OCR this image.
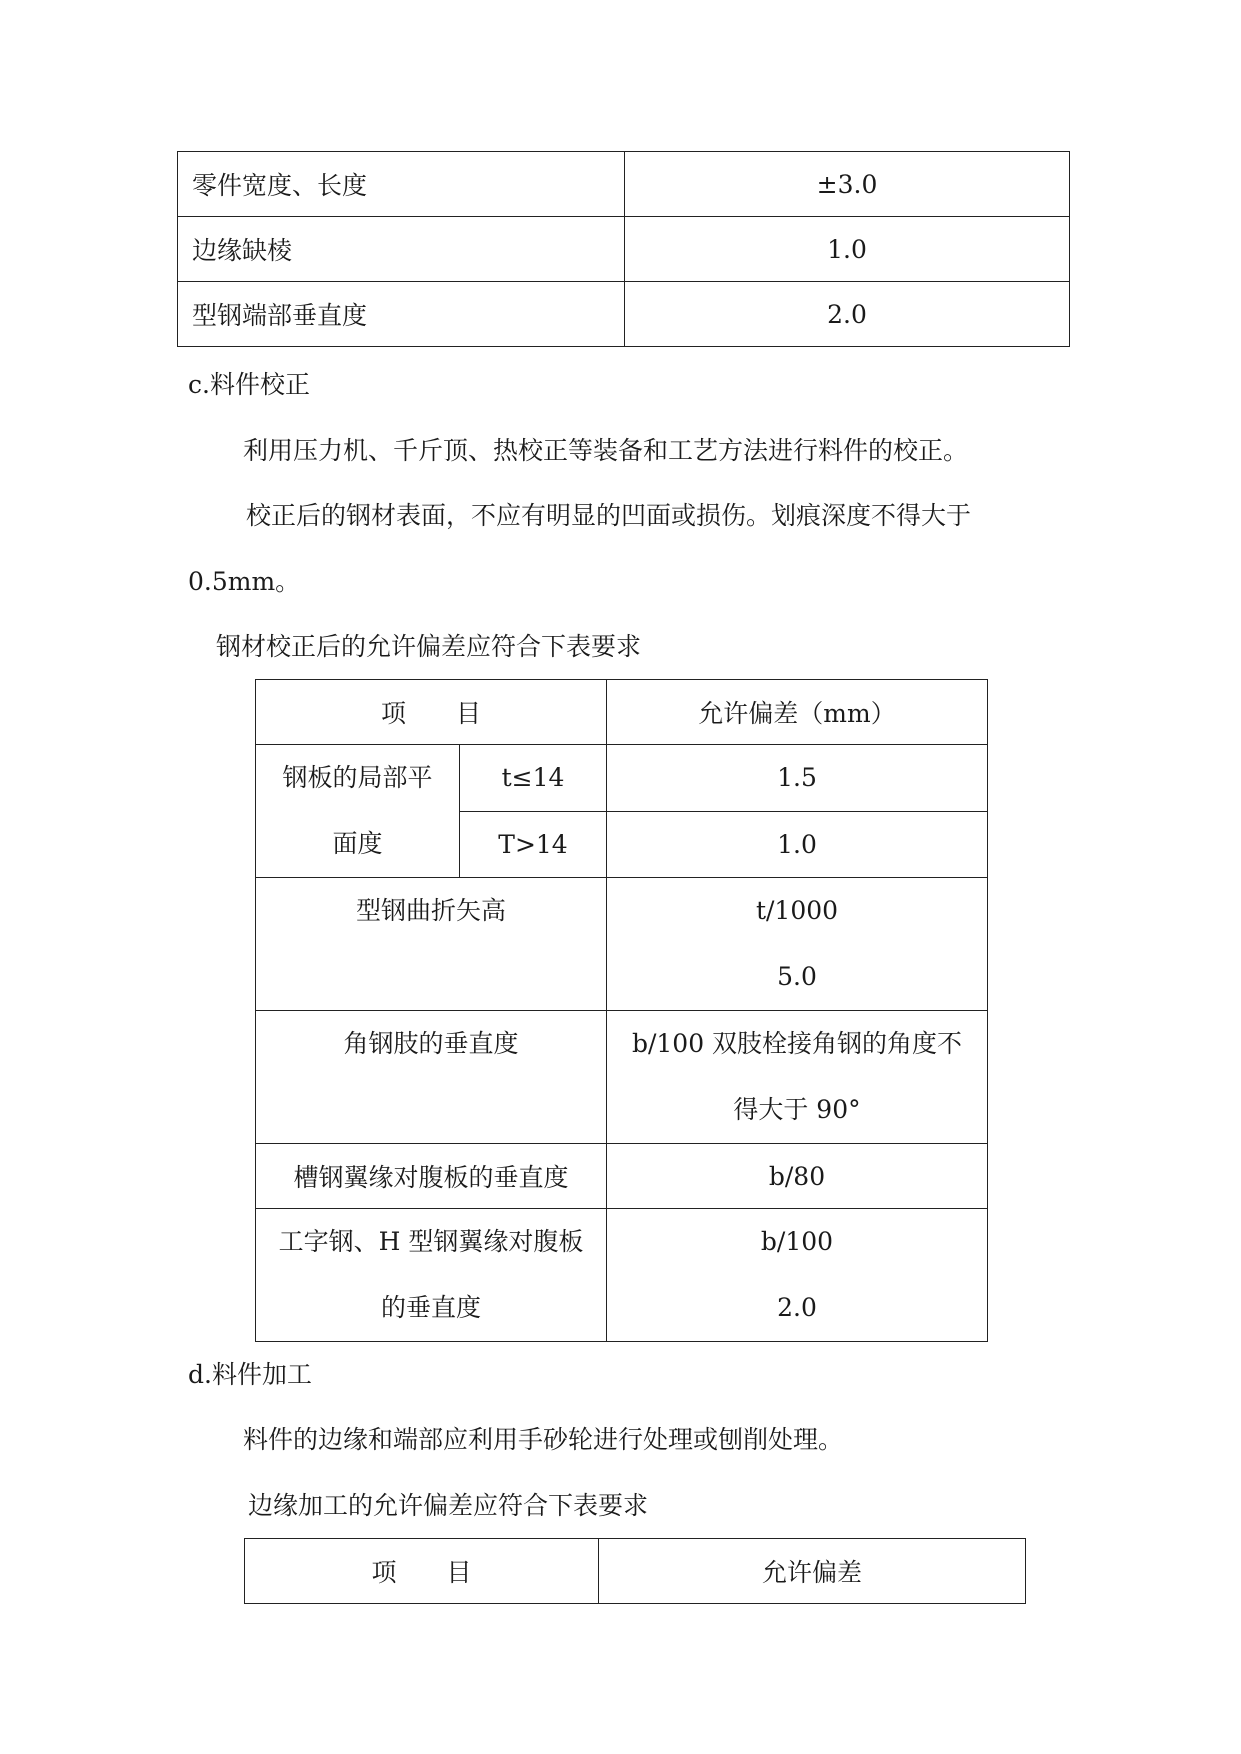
零件宽度、长度	±3.0
边缘缺棱	1.0
型钢端部垂直度	2.0
c.料件校正
利用压力机、千斤顶、热校正等装备和工艺方法进行料件的校正。
校正后的钢材表面，不应有明显的凹面或损伤。划痕深度不得大于
0.5mm。
钢材校正后的允许偏差应符合下表要求
项　　目		允许偏差（mm）

钢板的局部平
面度	t≤14	1.5
	T>14	1.0

型钢曲折矢高		t/1000
5.0

角钢肢的垂直度		b/100 双肢栓接角钢的角度不
得大于 90°

槽钢翼缘对腹板的垂直度		b/80

工字钢、H 型钢翼缘对腹板
的垂直度		b/100
2.0
d.料件加工
料件的边缘和端部应利用手砂轮进行处理或刨削处理。
边缘加工的允许偏差应符合下表要求
项　　目	允许偏差
